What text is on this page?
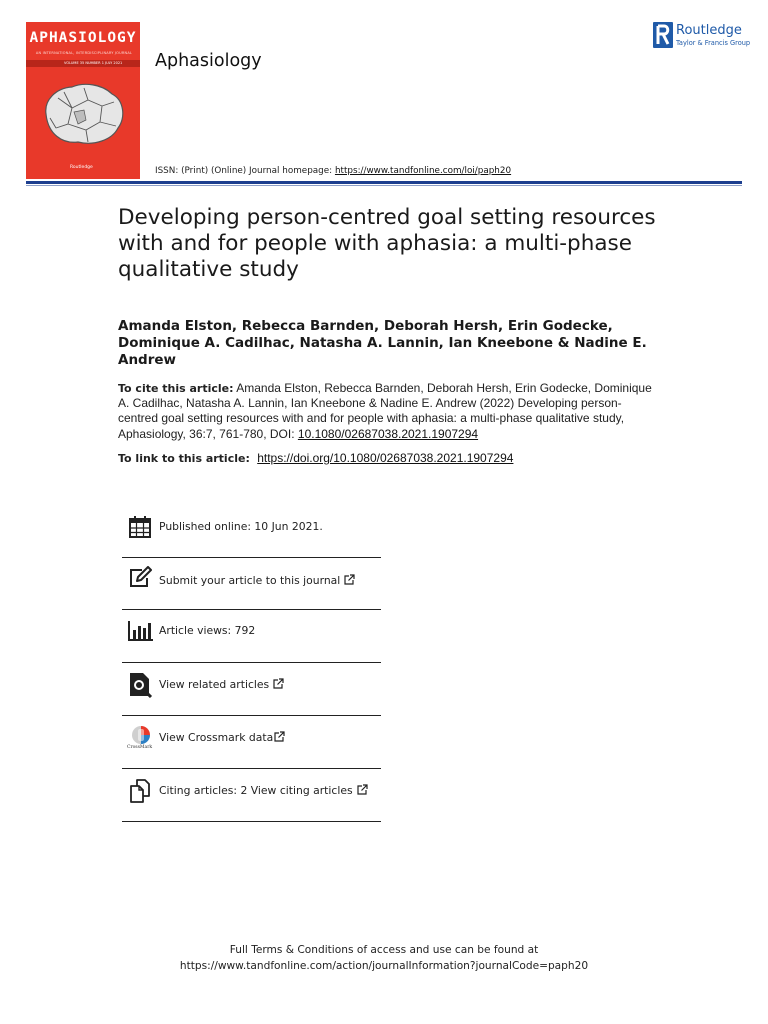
APHASIOLOGY
AN INTERNATIONAL, INTERDISCIPLINARY JOURNAL
VOLUME 35 NUMBER 1 JULY 2021
Routledge
Aphasiology
Routledge
Taylor & Francis Group
ISSN: (Print) (Online) Journal homepage: https://www.tandfonline.com/loi/paph20
Developing person-centred goal setting resources with and for people with aphasia: a multi-phase qualitative study
Amanda Elston, Rebecca Barnden, Deborah Hersh, Erin Godecke, Dominique A. Cadilhac, Natasha A. Lannin, Ian Kneebone & Nadine E. Andrew
To cite this article: Amanda Elston, Rebecca Barnden, Deborah Hersh, Erin Godecke, Dominique A. Cadilhac, Natasha A. Lannin, Ian Kneebone & Nadine E. Andrew (2022) Developing person-centred goal setting resources with and for people with aphasia: a multi-phase qualitative study, Aphasiology, 36:7, 761-780, DOI: 10.1080/02687038.2021.1907294
To link to this article: https://doi.org/10.1080/02687038.2021.1907294
Published online: 10 Jun 2021.
Submit your article to this journal
Article views: 792
View related articles
CrossMark
View Crossmark data
Citing articles: 2 View citing articles
Full Terms & Conditions of access and use can be found at
https://www.tandfonline.com/action/journalInformation?journalCode=paph20
